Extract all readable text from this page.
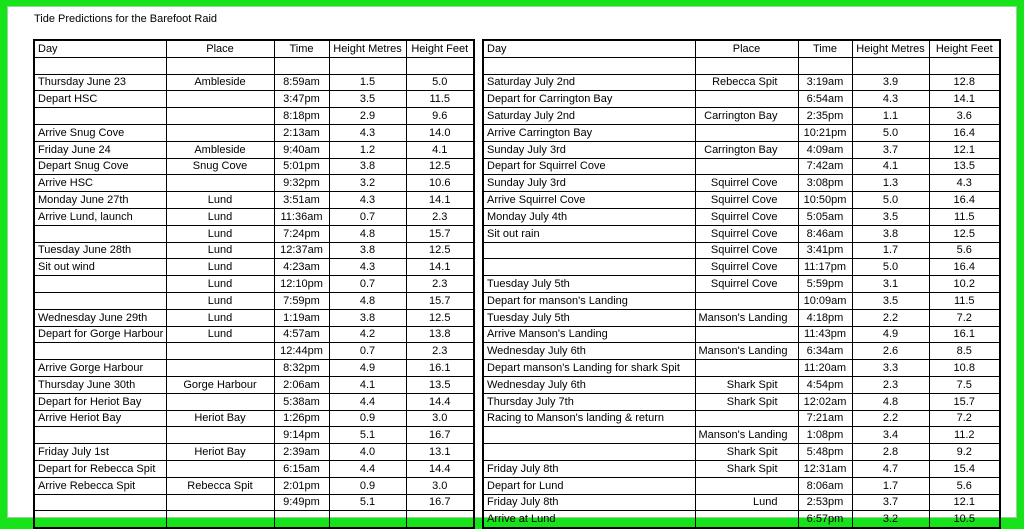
Tide Predictions for the Barefoot Raid
Day	Place	Time	Height Metres	Height Feet

Thursday June 23	Ambleside	8:59am	1.5	5.0
Depart HSC		3:47pm	3.5	11.5
		8:18pm	2.9	9.6
Arrive Snug Cove		2:13am	4.3	14.0
Friday June 24	Ambleside	9:40am	1.2	4.1
Depart Snug Cove	Snug Cove	5:01pm	3.8	12.5
Arrive HSC		9:32pm	3.2	10.6
Monday June 27th	Lund	3:51am	4.3	14.1
Arrive Lund, launch	Lund	11:36am	0.7	2.3
	Lund	7:24pm	4.8	15.7
Tuesday June 28th	Lund	12:37am	3.8	12.5
Sit out wind	Lund	4:23am	4.3	14.1
	Lund	12:10pm	0.7	2.3
	Lund	7:59pm	4.8	15.7
Wednesday June 29th	Lund	1:19am	3.8	12.5
Depart for Gorge Harbour	Lund	4:57am	4.2	13.8
		12:44pm	0.7	2.3
Arrive Gorge Harbour		8:32pm	4.9	16.1
Thursday June 30th	Gorge Harbour	2:06am	4.1	13.5
Depart for Heriot Bay		5:38am	4.4	14.4
Arrive Heriot Bay	Heriot Bay	1:26pm	0.9	3.0
		9:14pm	5.1	16.7
Friday July 1st	Heriot Bay	2:39am	4.0	13.1
Depart for Rebecca Spit		6:15am	4.4	14.4
Arrive Rebecca Spit	Rebecca Spit	2:01pm	0.9	3.0
		9:49pm	5.1	16.7

Day	Place	Time	Height Metres	Height Feet

Saturday July 2nd	Rebecca Spit	3:19am	3.9	12.8
Depart for Carrington Bay		6:54am	4.3	14.1
Saturday July 2nd	Carrington Bay	2:35pm	1.1	3.6
Arrive Carrington Bay		10:21pm	5.0	16.4
Sunday July 3rd	Carrington Bay	4:09am	3.7	12.1
Depart for Squirrel Cove		7:42am	4.1	13.5
Sunday July 3rd	Squirrel Cove	3:08pm	1.3	4.3
Arrive Squirrel Cove	Squirrel Cove	10:50pm	5.0	16.4
Monday July 4th	Squirrel Cove	5:05am	3.5	11.5
Sit out rain	Squirrel Cove	8:46am	3.8	12.5
	Squirrel Cove	3:41pm	1.7	5.6
	Squirrel Cove	11:17pm	5.0	16.4
Tuesday July 5th	Squirrel Cove	5:59pm	3.1	10.2
Depart for manson's Landing		10:09am	3.5	11.5
Tuesday July 5th	Manson's Landing	4:18pm	2.2	7.2
Arrive Manson's Landing		11:43pm	4.9	16.1
Wednesday July 6th	Manson's Landing	6:34am	2.6	8.5
Depart manson's Landing for shark Spit		11:20am	3.3	10.8
Wednesday July 6th	Shark Spit	4:54pm	2.3	7.5
Thursday July 7th	Shark Spit	12:02am	4.8	15.7
Racing to Manson's landing & return		7:21am	2.2	7.2
	Manson's Landing	1:08pm	3.4	11.2
	Shark Spit	5:48pm	2.8	9.2
Friday July 8th	Shark Spit	12:31am	4.7	15.4
Depart for Lund		8:06am	1.7	5.6
Friday July 8th	Lund	2:53pm	3.7	12.1
Arrive at Lund		6:57pm	3.2	10.5
